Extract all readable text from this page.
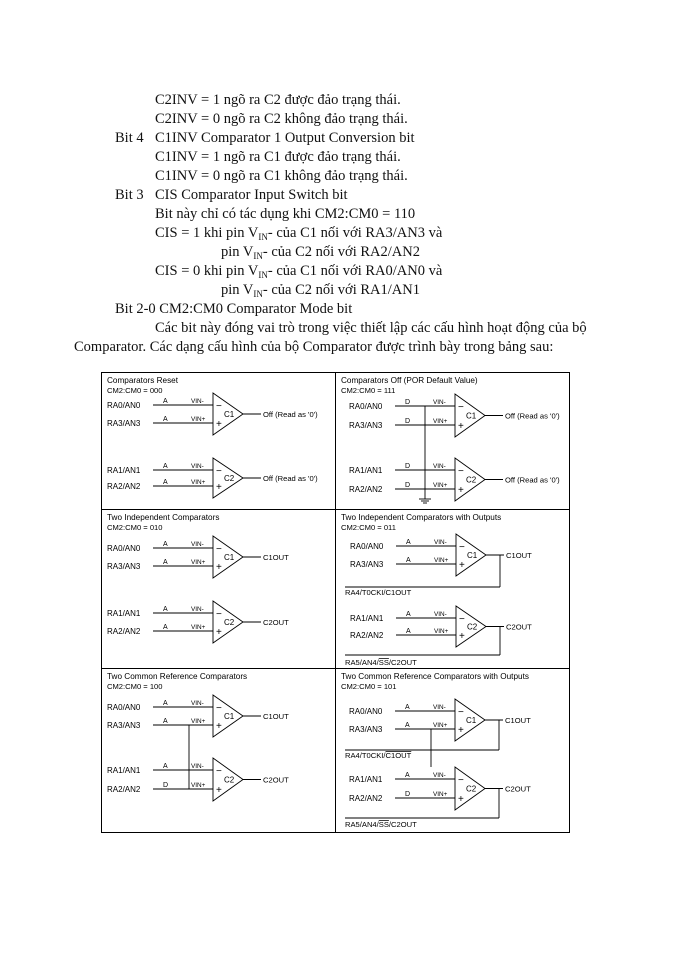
C2INV = 1 ngõ ra C2 được đảo trạng thái.
C2INV = 0 ngõ ra C2 không đảo trạng thái.
Bit 4 C1INV Comparator 1 Output Conversion bit
C1INV = 1 ngõ ra C1 được đảo trạng thái.
C1INV = 0 ngõ ra C1 không đảo trạng thái.
Bit 3 CIS Comparator Input Switch bit
Bit này chỉ có tác dụng khi CM2:CM0 = 110
CIS = 1 khi pin $V_{IN}-$ của C1 nối với RA3/AN3 và
pin $V_{IN}-$ của C2 nối với RA2/AN2
CIS = 0 khi pin $V_{IN}-$ của C1 nối với RA0/AN0 và
pin $V_{IN}-$ của C2 nối với RA1/AN1
Bit 2-0 CM2:CM0 Comparator Mode bit
Các bit này đóng vai trò trong việc thiết lập các cấu hình hoạt động của bộ
Comparator. Các dạng cấu hình của bộ Comparator được trình bày trong bảng sau:
Comparators Reset
CM2:CM0 = 000
RA0/AN0
RA3/AN3
A
A
VIN-
VIN+
−
+
C1
RA1/AN1
RA2/AN2
A
A
VIN-
VIN+
−
+
C2
Off (Read as '0')
Off (Read as '0')
Comparators Off (POR Default Value)
CM2:CM0 = 111
RA0/AN0
RA3/AN3
D
D
VIN-
VIN+
−
+
C1
RA1/AN1
RA2/AN2
D
D
VIN-
VIN+
−
+
C2
Off (Read as '0')
Off (Read as '0')
Two Independent Comparators
CM2:CM0 = 010
RA0/AN0
RA3/AN3
A
A
VIN-
VIN+
−
+
C1
RA1/AN1
RA2/AN2
A
A
VIN-
VIN+
−
+
C2
C1OUT
C2OUT
Two Independent Comparators with Outputs
CM2:CM0 = 011
RA0/AN0
RA3/AN3
A
A
VIN-
VIN+
−
+
C1
RA1/AN1
RA2/AN2
A
A
VIN-
VIN+
−
+
C2
C1OUT
C2OUT
RA4/T0CKI/C1OUT
RA5/AN4/SS/C2OUT
Two Common Reference Comparators
CM2:CM0 = 100
RA0/AN0
RA3/AN3
A
A
VIN-
VIN+
−
+
C1
RA1/AN1
RA2/AN2
A
D
VIN-
VIN+
−
+
C2
C1OUT
C2OUT
Two Common Reference Comparators with Outputs
CM2:CM0 = 101
RA0/AN0
RA3/AN3
A
A
VIN-
VIN+
−
+
C1
RA1/AN1
RA2/AN2
A
D
VIN-
VIN+
−
+
C2
C1OUT
C2OUT
RA4/T0CKI/C1OUT
RA5/AN4/SS/C2OUT
